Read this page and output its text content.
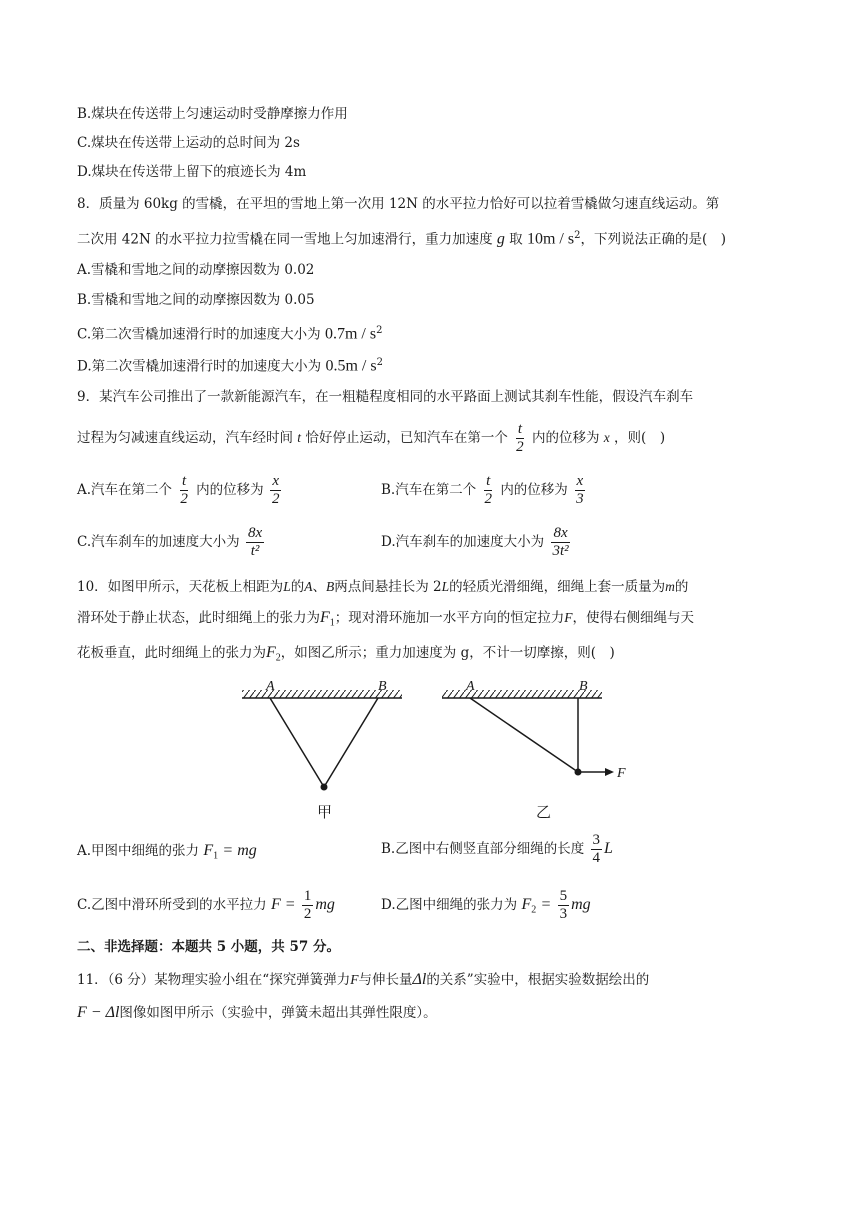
B.煤块在传送带上匀速运动时受静摩擦力作用
C.煤块在传送带上运动的总时间为 2s
D.煤块在传送带上留下的痕迹长为 4m
8．质量为 60kg 的雪橇，在平坦的雪地上第一次用 12N 的水平拉力恰好可以拉着雪橇做匀速直线运动。第
二次用 42N 的水平拉力拉雪橇在同一雪地上匀加速滑行，重力加速度 g 取 $10m / s^2$，下列说法正确的是(　)
A.雪橇和雪地之间的动摩擦因数为 0.02
B.雪橇和雪地之间的动摩擦因数为 0.05
C.第二次雪橇加速滑行时的加速度大小为 $0.7m / s^2$
D.第二次雪橇加速滑行时的加速度大小为 $0.5m / s^2$
9．某汽车公司推出了一款新能源汽车，在一粗糙程度相同的水平路面上测试其刹车性能，假设汽车刹车
过程为匀减速直线运动，汽车经时间 t 恰好停止运动，已知汽车在第一个 $\frac{t}{2}$ 内的位移为 x ，则(　)
A.汽车在第二个 $\frac{t}{2}$ 内的位移为 $\frac{x}{2}$	B.汽车在第二个 $\frac{t}{2}$ 内的位移为 $\frac{x}{3}$
C.汽车刹车的加速度大小为 $\frac{8x}{\text{t²}}$	D.汽车刹车的加速度大小为 $\frac{8x}{\text{3t²}}$
10．如图甲所示，天花板上相距为L的A、B两点间悬挂长为 2L的轻质光滑细绳，细绳上套一质量为m的
滑环处于静止状态，此时细绳上的张力为$F_1$；现对滑环施加一水平方向的恒定拉力F，使得右侧细绳与天
花板垂直，此时细绳上的张力为$F_2$，如图乙所示；重力加速度为 g，不计一切摩擦，则(　)
A	B
甲
A	B
F
乙
A.甲图中细绳的张力 $F_1$ = mg	B.乙图中右侧竖直部分细绳的长度 $\frac{3}{4}$ L
C.乙图中滑环所受到的水平拉力 $F = \frac{1}{2}$ mg	D.乙图中细绳的张力为 $F_2 = \frac{5}{3}$ mg
二、非选择题：本题共 5 小题，共 57 分。
11．（6 分）某物理实验小组在“探究弹簧弹力F与伸长量Δl的关系”实验中，根据实验数据绘出的
F − Δl图像如图甲所示（实验中，弹簧未超出其弹性限度）。
